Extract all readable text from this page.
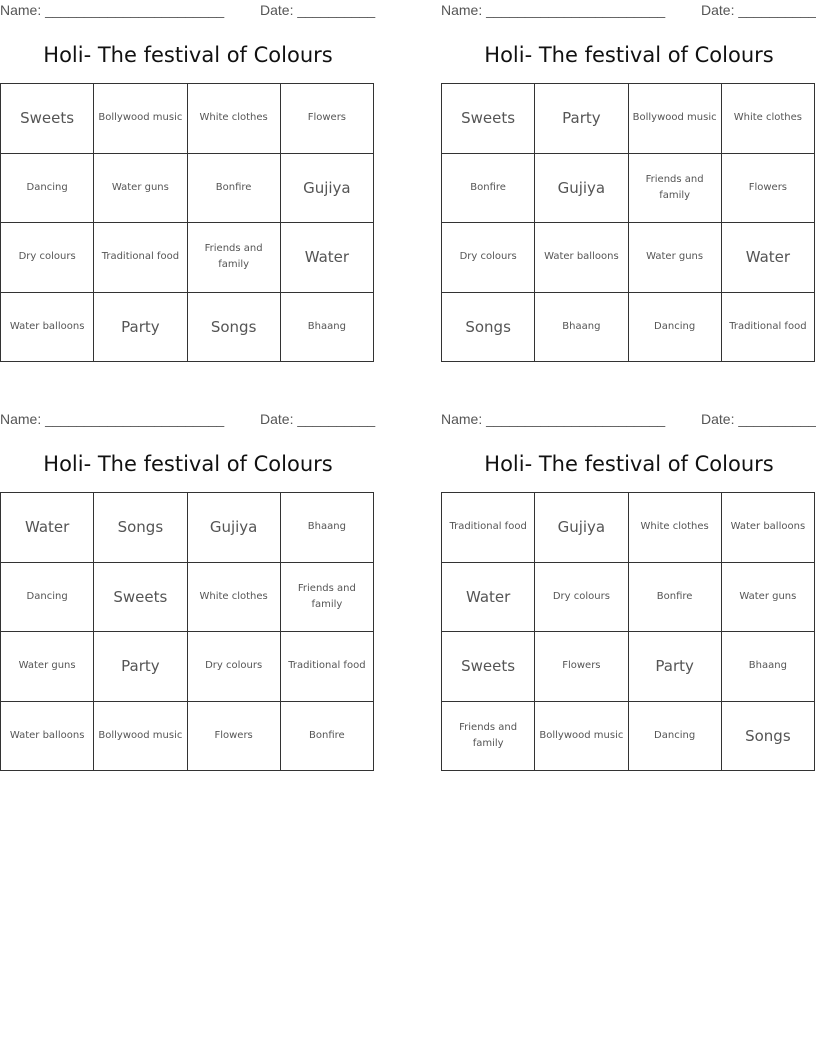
Name: _______________________	Date: __________
Holi- The festival of Colours
Sweets	Bollywood music	White clothes	Flowers
Dancing	Water guns	Bonfire	Gujiya
Dry colours	Traditional food	Friends and family	Water
Water balloons	Party	Songs	Bhaang
Name: _______________________	Date: __________
Holi- The festival of Colours
Sweets	Party	Bollywood music	White clothes
Bonfire	Gujiya	Friends and family	Flowers
Dry colours	Water balloons	Water guns	Water
Songs	Bhaang	Dancing	Traditional food
Name: _______________________	Date: __________
Holi- The festival of Colours
Water	Songs	Gujiya	Bhaang
Dancing	Sweets	White clothes	Friends and family
Water guns	Party	Dry colours	Traditional food
Water balloons	Bollywood music	Flowers	Bonfire
Name: _______________________	Date: __________
Holi- The festival of Colours
Traditional food	Gujiya	White clothes	Water balloons
Water	Dry colours	Bonfire	Water guns
Sweets	Flowers	Party	Bhaang
Friends and family	Bollywood music	Dancing	Songs
